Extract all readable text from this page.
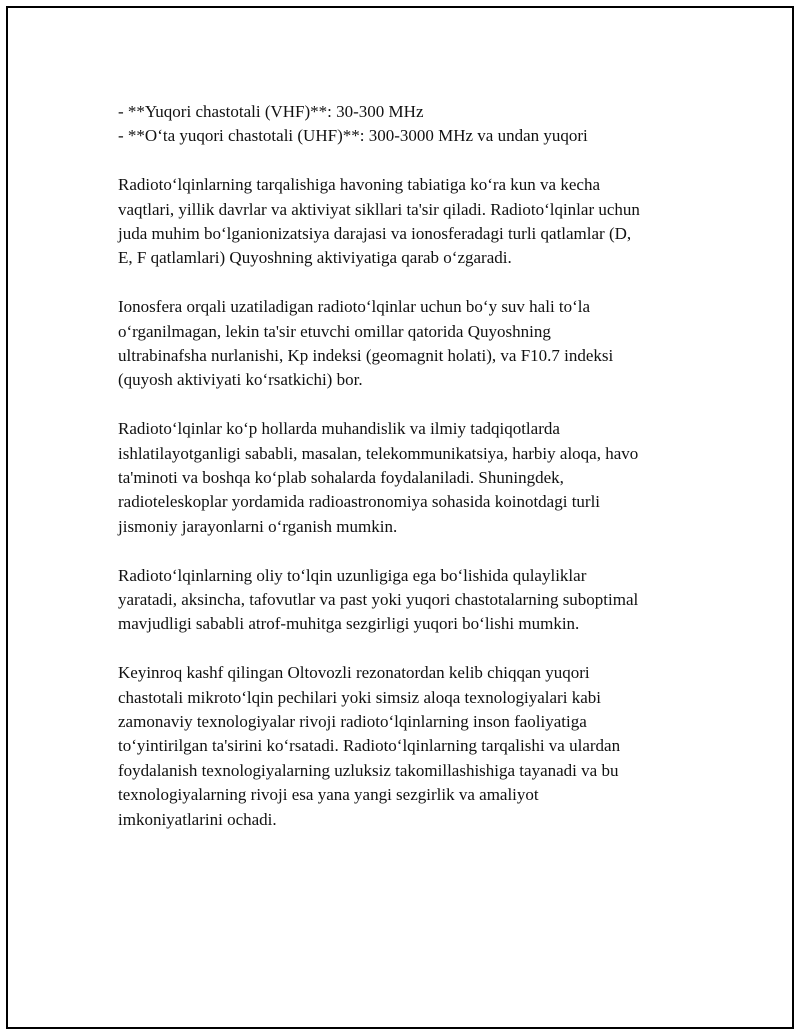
- **Yuqori chastotali (VHF)**: 30-300 MHz
- **O‘ta yuqori chastotali (UHF)**: 300-3000 MHz va undan yuqori
Radioto‘lqinlarning tarqalishiga havoning tabiatiga ko‘ra kun va kecha
vaqtlari, yillik davrlar va aktiviyat sikllari ta'sir qiladi. Radioto‘lqinlar uchun
juda muhim bo‘lganionizatsiya darajasi va ionosferadagi turli qatlamlar (D,
E, F qatlamlari) Quyoshning aktiviyatiga qarab o‘zgaradi.
Ionosfera orqali uzatiladigan radioto‘lqinlar uchun bo‘y suv hali to‘la
o‘rganilmagan, lekin ta'sir etuvchi omillar qatorida Quyoshning
ultrabinafsha nurlanishi, Kp indeksi (geomagnit holati), va F10.7 indeksi
(quyosh aktiviyati ko‘rsatkichi) bor.
Radioto‘lqinlar ko‘p hollarda muhandislik va ilmiy tadqiqotlarda
ishlatilayotganligi sababli, masalan, telekommunikatsiya, harbiy aloqa, havo
ta'minoti va boshqa ko‘plab sohalarda foydalaniladi. Shuningdek,
radioteleskoplar yordamida radioastronomiya sohasida koinotdagi turli
jismoniy jarayonlarni o‘rganish mumkin.
Radioto‘lqinlarning oliy to‘lqin uzunligiga ega bo‘lishida qulayliklar
yaratadi, aksincha, tafovutlar va past yoki yuqori chastotalarning suboptimal
mavjudligi sababli atrof-muhitga sezgirligi yuqori bo‘lishi mumkin.
Keyinroq kashf qilingan Oltovozli rezonatordan kelib chiqqan yuqori
chastotali mikroto‘lqin pechilari yoki simsiz aloqa texnologiyalari kabi
zamonaviy texnologiyalar rivoji radioto‘lqinlarning inson faoliyatiga
to‘yintirilgan ta'sirini ko‘rsatadi. Radioto‘lqinlarning tarqalishi va ulardan
foydalanish texnologiyalarning uzluksiz takomillashishiga tayanadi va bu
texnologiyalarning rivoji esa yana yangi sezgirlik va amaliyot
imkoniyatlarini ochadi.
